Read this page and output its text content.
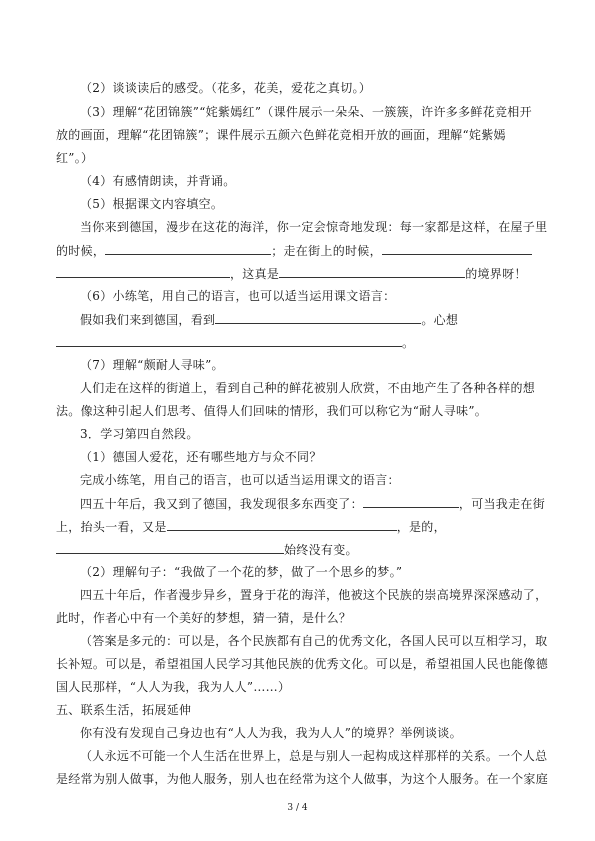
（2）谈谈读后的感受。（花多，花美，爱花之真切。）
（3）理解“花团锦簇”“姹紫嫣红”（课件展示一朵朵、一簇簇，许许多多鲜花竞相开
放的画面，理解“花团锦簇”；课件展示五颜六色鲜花竞相开放的画面，理解“姹紫嫣
红”。）
（4）有感情朗读，并背诵。
（5）根据课文内容填空。
当你来到德国，漫步在这花的海洋，你一定会惊奇地发现：每一家都是这样，在屋子里
的时候，	；走在街上的时候，
，这真是	的境界呀！
（6）小练笔，用自己的语言，也可以适当运用课文语言：
假如我们来到德国，看到	。心想
。
（7）理解“颇耐人寻味”。
人们走在这样的街道上，看到自己种的鲜花被别人欣赏，不由地产生了各种各样的想
法。像这种引起人们思考、值得人们回味的情形，我们可以称它为“耐人寻味”。
3．学习第四自然段。
（1）德国人爱花，还有哪些地方与众不同？
完成小练笔，用自己的语言，也可以适当运用课文的语言：
四五十年后，我又到了德国，我发现很多东西变了：	，可当我走在街
上，抬头一看，又是	，是的，
始终没有变。
（2）理解句子：“我做了一个花的梦，做了一个思乡的梦。”
四五十年后，作者漫步异乡，置身于花的海洋，他被这个民族的崇高境界深深感动了，
此时，作者心中有一个美好的梦想，猜一猜，是什么？
（答案是多元的：可以是，各个民族都有自己的优秀文化，各国人民可以互相学习，取
长补短。可以是，希望祖国人民学习其他民族的优秀文化。可以是，希望祖国人民也能像德
国人民那样，“人人为我，我为人人”……）
五、联系生活，拓展延伸
你有没有发现自己身边也有“人人为我，我为人人”的境界？举例谈谈。
（人永远不可能一个人生活在世界上，总是与别人一起构成这样那样的关系。一个人总
是经常为别人做事，为他人服务，别人也在经常为这个人做事，为这个人服务。在一个家庭
3 / 4
